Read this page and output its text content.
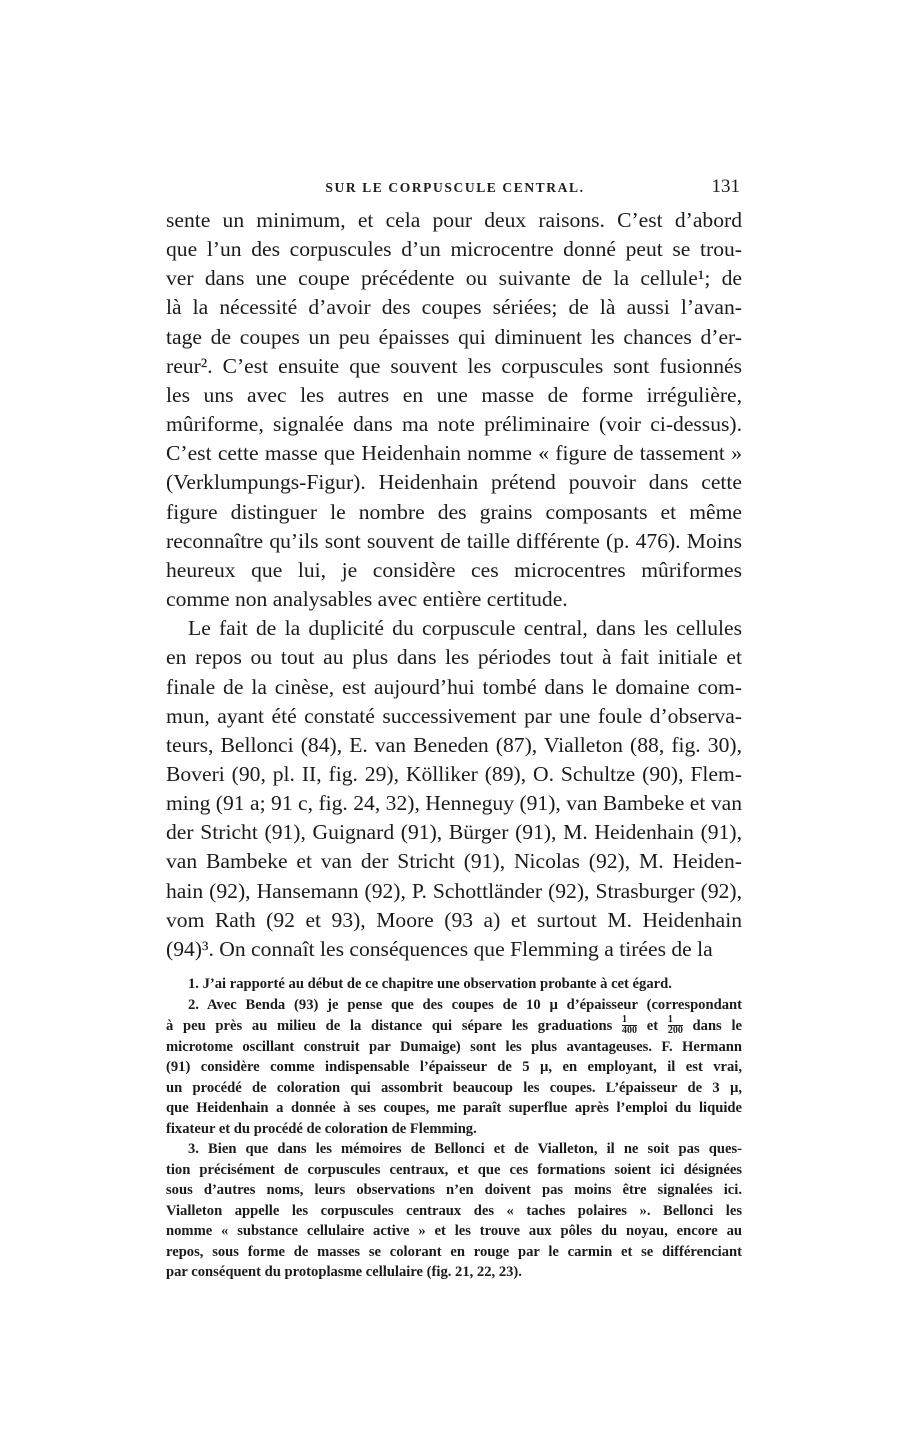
SUR LE CORPUSCULE CENTRAL.	131

sente un minimum, et cela pour deux raisons. C’est d’abord
que l’un des corpuscules d’un microcentre donné peut se trou-
ver dans une coupe précédente ou suivante de la cellule¹; de
là la nécessité d’avoir des coupes sériées; de là aussi l’avan-
tage de coupes un peu épaisses qui diminuent les chances d’er-
reur². C’est ensuite que souvent les corpuscules sont fusionnés
les uns avec les autres en une masse de forme irrégulière,
mûriforme, signalée dans ma note préliminaire (voir ci-dessus).
C’est cette masse que Heidenhain nomme « figure de tassement »
(Verklumpungs-Figur). Heidenhain prétend pouvoir dans cette
figure distinguer le nombre des grains composants et même
reconnaître qu’ils sont souvent de taille différente (p. 476). Moins
heureux que lui, je considère ces microcentres mûriformes
comme non analysables avec entière certitude.

Le fait de la duplicité du corpuscule central, dans les cellules
en repos ou tout au plus dans les périodes tout à fait initiale et
finale de la cinèse, est aujourd’hui tombé dans le domaine com-
mun, ayant été constaté successivement par une foule d’observa-
teurs, Bellonci (84), E. van Beneden (87), Vialleton (88, fig. 30),
Boveri (90, pl. II, fig. 29), Kölliker (89), O. Schultze (90), Flem-
ming (91 a; 91 c, fig. 24, 32), Henneguy (91), van Bambeke et van
der Stricht (91), Guignard (91), Bürger (91), M. Heidenhain (91),
van Bambeke et van der Stricht (91), Nicolas (92), M. Heiden-
hain (92), Hansemann (92), P. Schottländer (92), Strasburger (92),
vom Rath (92 et 93), Moore (93 a) et surtout M. Heidenhain
(94)³. On connaît les conséquences que Flemming a tirées de la

1. J’ai rapporté au début de ce chapitre une observation probante à cet égard.

2. Avec Benda (93) je pense que des coupes de 10 µ d’épaisseur (correspondant
à peu près au milieu de la distance qui sépare les graduations $\frac{1}{400}$ et $\frac{1}{200}$ dans le
microtome oscillant construit par Dumaige) sont les plus avantageuses. F. Hermann
(91) considère comme indispensable l’épaisseur de 5 µ, en employant, il est vrai,
un procédé de coloration qui assombrit beaucoup les coupes. L’épaisseur de 3 µ,
que Heidenhain a donnée à ses coupes, me paraît superflue après l’emploi du liquide
fixateur et du procédé de coloration de Flemming.

3. Bien que dans les mémoires de Bellonci et de Vialleton, il ne soit pas ques-
tion précisément de corpuscules centraux, et que ces formations soient ici désignées
sous d’autres noms, leurs observations n’en doivent pas moins être signalées ici.
Vialleton appelle les corpuscules centraux des « taches polaires ». Bellonci les
nomme « substance cellulaire active » et les trouve aux pôles du noyau, encore au
repos, sous forme de masses se colorant en rouge par le carmin et se différenciant
par conséquent du protoplasme cellulaire (fig. 21, 22, 23).
